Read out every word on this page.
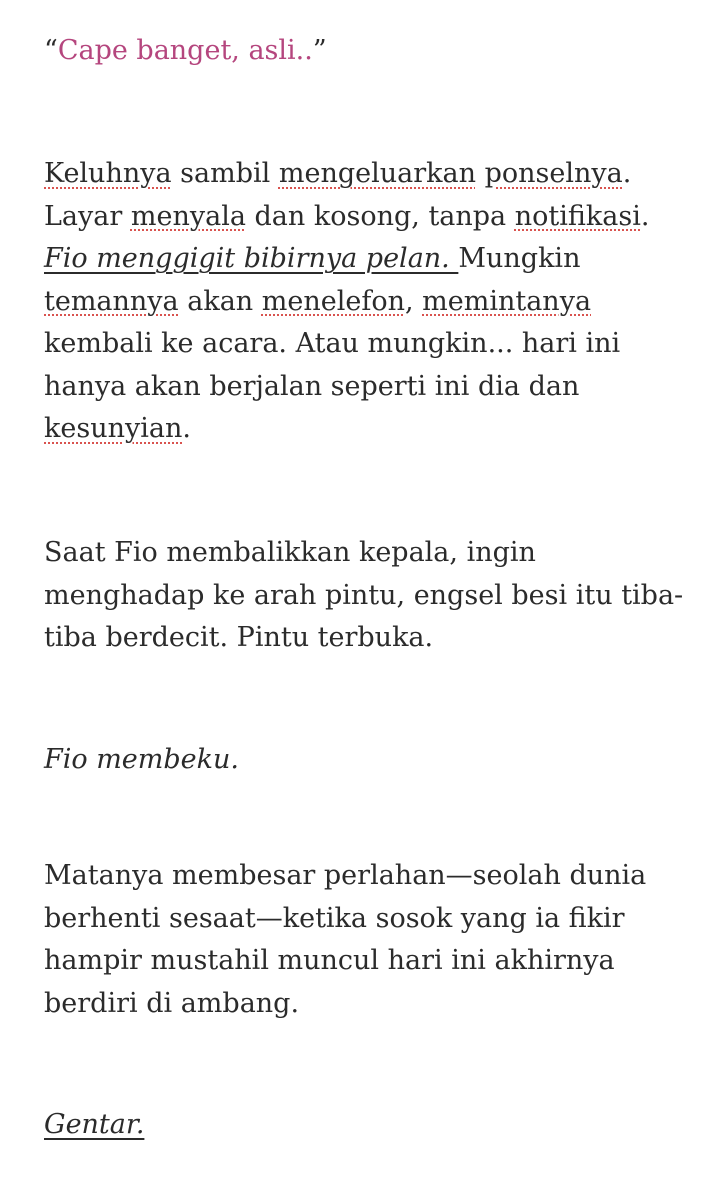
“Cape banget, asli..”

Keluhnya sambil mengeluarkan ponselnya.
Layar menyala dan kosong, tanpa notifikasi.
Fio menggigit bibirnya pelan. Mungkin
temannya akan menelefon, memintanya kembali ke acara. Atau mungkin... hari ini hanya akan berjalan seperti ini dia dan kesunyian.

Saat Fio membalikkan kepala, ingin menghadap ke arah pintu, engsel besi itu tiba-tiba berdecit. Pintu terbuka.

Fio membeku.

Matanya membesar perlahan—seolah dunia berhenti sesaat—ketika sosok yang ia fikir hampir mustahil muncul hari ini akhirnya berdiri di ambang.

Gentar.
